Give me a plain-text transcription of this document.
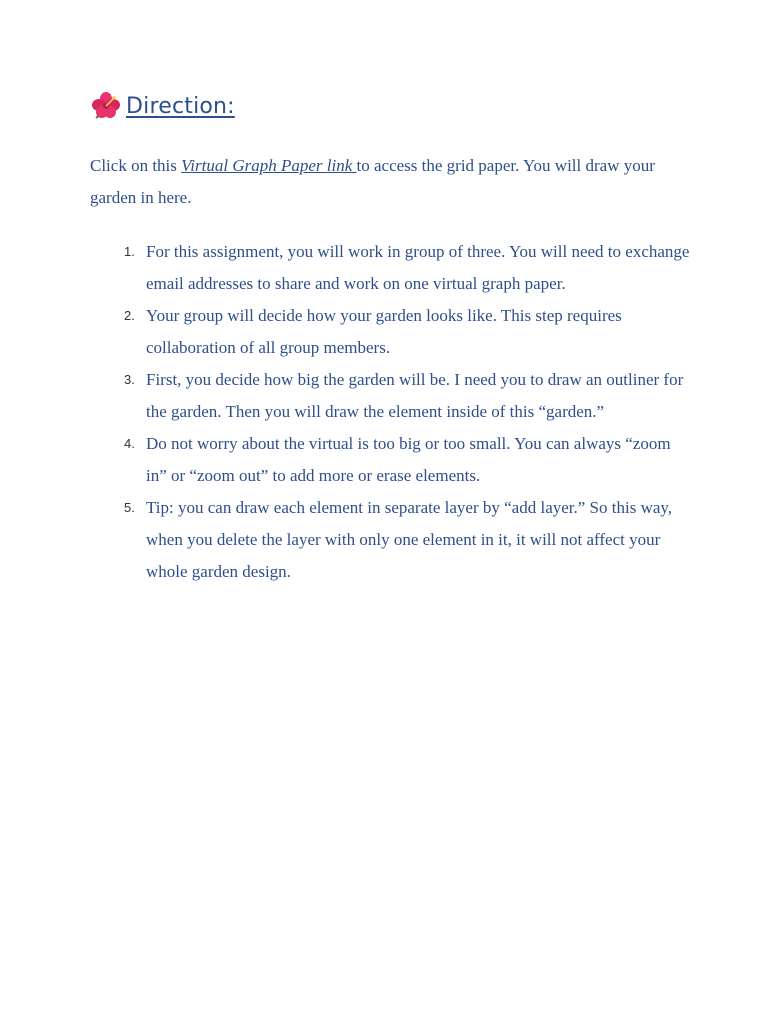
Direction:
Click on this Virtual Graph Paper link to access the grid paper. You will draw your garden in here.
1. For this assignment, you will work in group of three. You will need to exchange email addresses to share and work on one virtual graph paper.
2. Your group will decide how your garden looks like. This step requires collaboration of all group members.
3. First, you decide how big the garden will be. I need you to draw an outliner for the garden. Then you will draw the element inside of this “garden.”
4. Do not worry about the virtual is too big or too small. You can always “zoom in” or “zoom out” to add more or erase elements.
5. Tip: you can draw each element in separate layer by “add layer.” So this way, when you delete the layer with only one element in it, it will not affect your whole garden design.
